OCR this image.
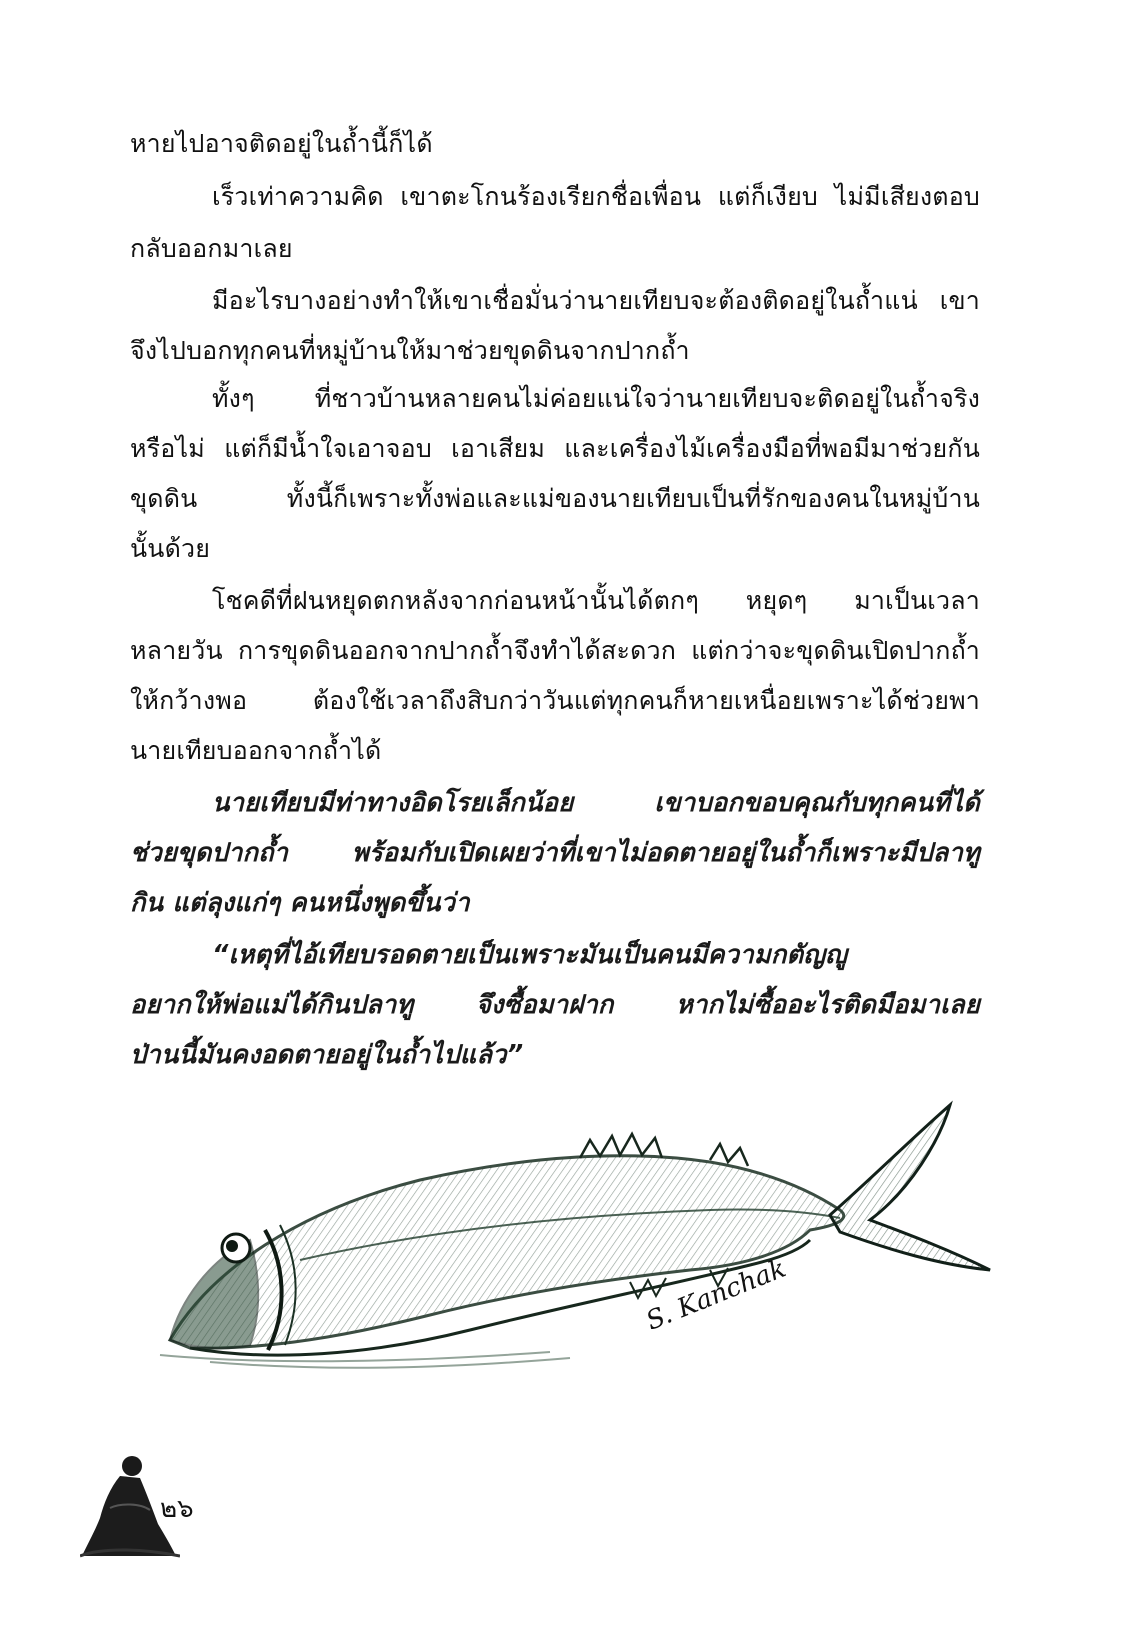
หายไปอาจติดอยู่ในถ้ำนี้ก็ได้
เร็วเท่าความคิด เขาตะโกนร้องเรียกชื่อเพื่อน แต่ก็เงียบ ไม่มีเสียงตอบ
กลับออกมาเลย
มีอะไรบางอย่างทำให้เขาเชื่อมั่นว่านายเทียบจะต้องติดอยู่ในถ้ำแน่ เขา
จึงไปบอกทุกคนที่หมู่บ้านให้มาช่วยขุดดินจากปากถ้ำ
ทั้งๆ ที่ชาวบ้านหลายคนไม่ค่อยแน่ใจว่านายเทียบจะติดอยู่ในถ้ำจริง
หรือไม่ แต่ก็มีน้ำใจเอาจอบ เอาเสียม และเครื่องไม้เครื่องมือที่พอมีมาช่วยกัน
ขุดดิน ทั้งนี้ก็เพราะทั้งพ่อและแม่ของนายเทียบเป็นที่รักของคนในหมู่บ้าน
นั้นด้วย
โชคดีที่ฝนหยุดตกหลังจากก่อนหน้านั้นได้ตกๆ หยุดๆ มาเป็นเวลา
หลายวัน การขุดดินออกจากปากถ้ำจึงทำได้สะดวก แต่กว่าจะขุดดินเปิดปากถ้ำ
ให้กว้างพอ ต้องใช้เวลาถึงสิบกว่าวันแต่ทุกคนก็หายเหนื่อยเพราะได้ช่วยพา
นายเทียบออกจากถ้ำได้
นายเทียบมีท่าทางอิดโรยเล็กน้อย เขาบอกขอบคุณกับทุกคนที่ได้
ช่วยขุดปากถ้ำ พร้อมกับเปิดเผยว่าที่เขาไม่อดตายอยู่ในถ้ำก็เพราะมีปลาทู
กิน แต่ลุงแก่ๆ คนหนึ่งพูดขึ้นว่า
“เหตุที่ไอ้เทียบรอดตายเป็นเพราะมันเป็นคนมีความกตัญญู
อยากให้พ่อแม่ได้กินปลาทู จึงซื้อมาฝาก หากไม่ซื้ออะไรติดมือมาเลย
ป่านนี้มันคงอดตายอยู่ในถ้ำไปแล้ว”
S. Kanchak
๒๖
